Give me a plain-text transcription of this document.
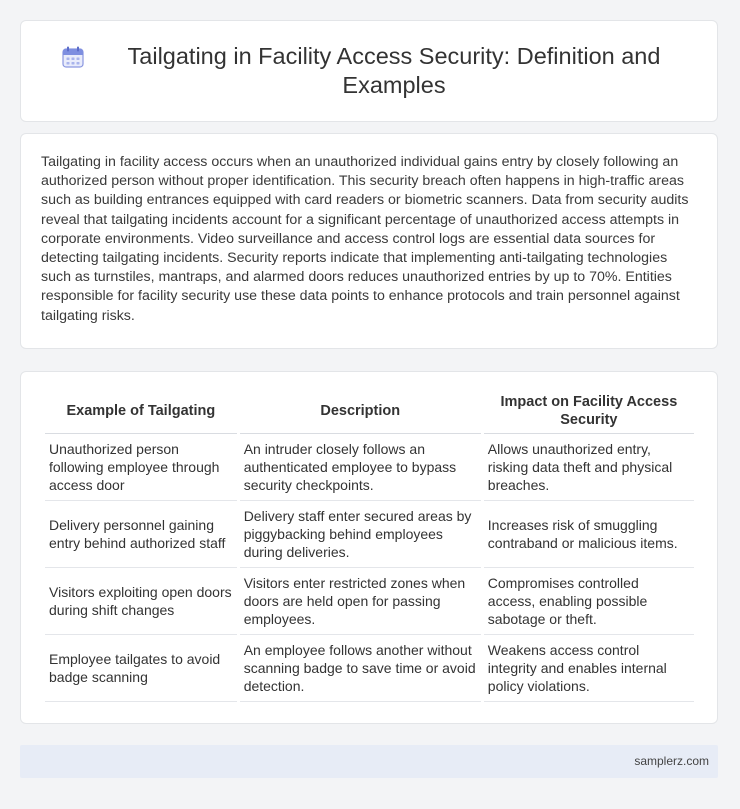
Tailgating in Facility Access Security: Definition and Examples

Tailgating in facility access occurs when an unauthorized individual gains entry by closely following an authorized person without proper identification. This security breach often happens in high-traffic areas such as building entrances equipped with card readers or biometric scanners. Data from security audits reveal that tailgating incidents account for a significant percentage of unauthorized access attempts in corporate environments. Video surveillance and access control logs are essential data sources for detecting tailgating incidents. Security reports indicate that implementing anti-tailgating technologies such as turnstiles, mantraps, and alarmed doors reduces unauthorized entries by up to 70%. Entities responsible for facility security use these data points to enhance protocols and train personnel against tailgating risks.

Example of Tailgating	Description	Impact on Facility Access Security
Unauthorized person following employee through access door	An intruder closely follows an authenticated employee to bypass security checkpoints.	Allows unauthorized entry, risking data theft and physical breaches.
Delivery personnel gaining entry behind authorized staff	Delivery staff enter secured areas by piggybacking behind employees during deliveries.	Increases risk of smuggling contraband or malicious items.
Visitors exploiting open doors during shift changes	Visitors enter restricted zones when doors are held open for passing employees.	Compromises controlled access, enabling possible sabotage or theft.
Employee tailgates to avoid badge scanning	An employee follows another without scanning badge to save time or avoid detection.	Weakens access control integrity and enables internal policy violations.
samplerz.com
